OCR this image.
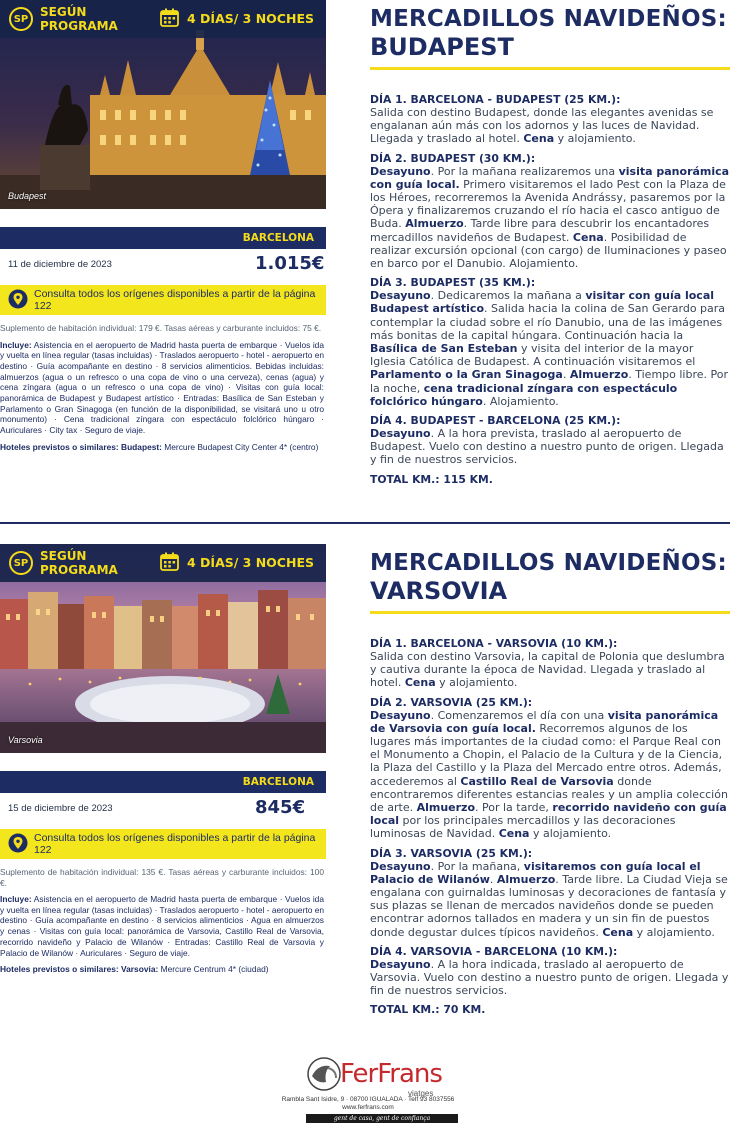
SP SEGÚN
PROGRAMA	4 DÍAS/ 3 NOCHES
Budapest
BARCELONA
11 de diciembre de 2023	1.015€
Consulta todos los orígenes disponibles a partir de la página 122
Suplemento de habitación individual: 179 €. Tasas aéreas y carburante incluidos: 75 €.
Incluye: Asistencia en el aeropuerto de Madrid hasta puerta de embarque · Vuelos ida y vuelta en línea regular (tasas incluidas) · Traslados aeropuerto - hotel - aeropuerto en destino · Guía acompañante en destino · 8 servicios alimenticios. Bebidas incluidas: almuerzos (agua o un refresco o una copa de vino o una cerveza), cenas (agua) y cena zíngara (agua o un refresco o una copa de vino) · Visitas con guía local: panorámica de Budapest y Budapest artístico · Entradas: Basílica de San Esteban y Parlamento o Gran Sinagoga (en función de la disponibilidad, se visitará uno u otro monumento) · Cena tradicional zíngara con espectáculo folclórico húngaro · Auriculares · City tax · Seguro de viaje.
Hoteles previstos o similares: Budapest: Mercure Budapest City Center 4* (centro)
MERCADILLOS NAVIDEÑOS:
BUDAPEST
DÍA 1. BARCELONA - BUDAPEST (25 KM.):

Salida con destino Budapest, donde las elegantes avenidas se engalanan aún más con los adornos y las luces de Navidad. Llegada y traslado al hotel. Cena y alojamiento.

DÍA 2. BUDAPEST (30 KM.):

Desayuno. Por la mañana realizaremos una visita panorámica con guía local. Primero visitaremos el lado Pest con la Plaza de los Héroes, recorreremos la Avenida Andrássy, pasaremos por la Ópera y finalizaremos cruzando el río hacia el casco antiguo de Buda. Almuerzo. Tarde libre para descubrir los encantadores mercadillos navideños de Budapest. Cena. Posibilidad de realizar excursión opcional (con cargo) de Iluminaciones y paseo en barco por el Danubio. Alojamiento.

DÍA 3. BUDAPEST (35 KM.):

Desayuno. Dedicaremos la mañana a visitar con guía local Budapest artístico. Salida hacia la colina de San Gerardo para contemplar la ciudad sobre el río Danubio, una de las imágenes más bonitas de la capital húngara. Continuación hacia la Basílica de San Esteban y visita del interior de la mayor Iglesia Católica de Budapest. A continuación visitaremos el Parlamento o la Gran Sinagoga. Almuerzo. Tiempo libre. Por la noche, cena tradicional zíngara con espectáculo folclórico húngaro. Alojamiento.

DÍA 4. BUDAPEST - BARCELONA (25 KM.):

Desayuno. A la hora prevista, traslado al aeropuerto de Budapest. Vuelo con destino a nuestro punto de origen. Llegada y fin de nuestros servicios.

TOTAL KM.: 115 KM.
SP SEGÚN
PROGRAMA	4 DÍAS/ 3 NOCHES
Varsovia
BARCELONA
15 de diciembre de 2023	845€
Consulta todos los orígenes disponibles a partir de la página 122
Suplemento de habitación individual: 135 €. Tasas aéreas y carburante incluidos: 100 €.
Incluye: Asistencia en el aeropuerto de Madrid hasta puerta de embarque · Vuelos ida y vuelta en línea regular (tasas incluidas) · Traslados aeropuerto - hotel - aeropuerto en destino · Guía acompañante en destino · 8 servicios alimenticios · Agua en almuerzos y cenas · Visitas con guía local: panorámica de Varsovia, Castillo Real de Varsovia, recorrido navideño y Palacio de Wilanów · Entradas: Castillo Real de Varsovia y Palacio de Wilanów · Auriculares · Seguro de viaje.
Hoteles previstos o similares: Varsovia: Mercure Centrum 4* (ciudad)
MERCADILLOS NAVIDEÑOS:
VARSOVIA
DÍA 1. BARCELONA - VARSOVIA (10 KM.):

Salida con destino Varsovia, la capital de Polonia que deslumbra y cautiva durante la época de Navidad. Llegada y traslado al hotel. Cena y alojamiento.

DÍA 2. VARSOVIA (25 KM.):

Desayuno. Comenzaremos el día con una visita panorámica de Varsovia con guía local. Recorremos algunos de los lugares más importantes de la ciudad como: el Parque Real con el Monumento a Chopin, el Palacio de la Cultura y de la Ciencia, la Plaza del Castillo y la Plaza del Mercado entre otros. Además, accederemos al Castillo Real de Varsovia donde encontraremos diferentes estancias reales y un amplia colección de arte. Almuerzo. Por la tarde, recorrido navideño con guía local por los principales mercadillos y las decoraciones luminosas de Navidad. Cena y alojamiento.

DÍA 3. VARSOVIA (25 KM.):

Desayuno. Por la mañana, visitaremos con guía local el Palacio de Wilanów. Almuerzo. Tarde libre. La Ciudad Vieja se engalana con guirnaldas luminosas y decoraciones de fantasía y sus plazas se llenan de mercados navideños donde se pueden encontrar adornos tallados en madera y un sin fin de puestos donde degustar dulces típicos navideños. Cena y alojamiento.

DÍA 4. VARSOVIA - BARCELONA (10 KM.):

Desayuno. A la hora indicada, traslado al aeropuerto de Varsovia. Vuelo con destino a nuestro punto de origen. Llegada y fin de nuestros servicios.

TOTAL KM.: 70 KM.
FerFrans
viatges
Rambla Sant Isidre, 9 · 08700 IGUALADA · Telf 93 8037556
www.ferfrans.com
gent de casa, gent de confiança
